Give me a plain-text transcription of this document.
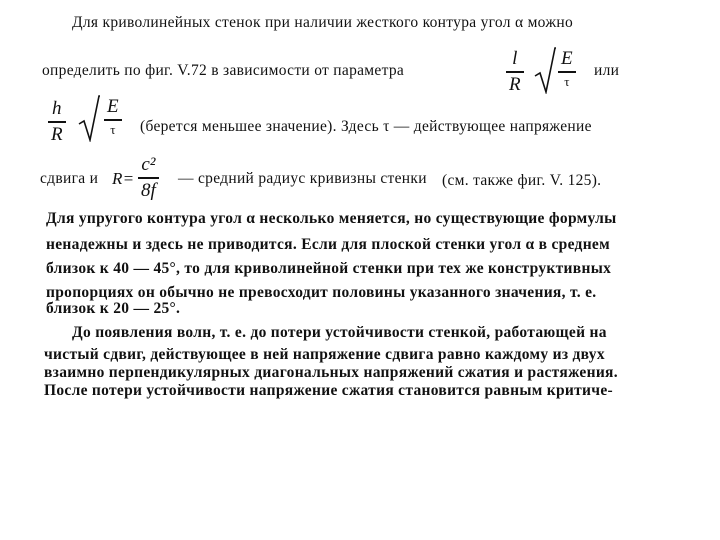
Для криволинейных стенок при наличии жесткого контура угол α можно
определить по фиг. V.72 в зависимости от параметра
l
R
E
τ
или
h
R
E
τ (берется меньшее значение). Здесь τ — действующее напряжение
сдвига и R=
c²
8f
— средний радиус кривизны стенки (см. также фиг. V. 125).
Для упругого контура угол α несколько меняется, но существующие формулы
ненадежны и здесь не приводится. Если для плоской стенки угол α в среднем
близок к 40 — 45°, то для криволинейной стенки при тех же конструктивных
пропорциях он обычно не превосходит половины указанного значения, т. е.
близок к 20 — 25°.
До появления волн, т. е. до потери устойчивости стенкой, работающей на
чистый сдвиг, действующее в ней напряжение сдвига равно каждому из двух
взаимно перпендикулярных диагональных напряжений сжатия и растяжения.
После потери устойчивости напряжение сжатия становится равным критиче-
